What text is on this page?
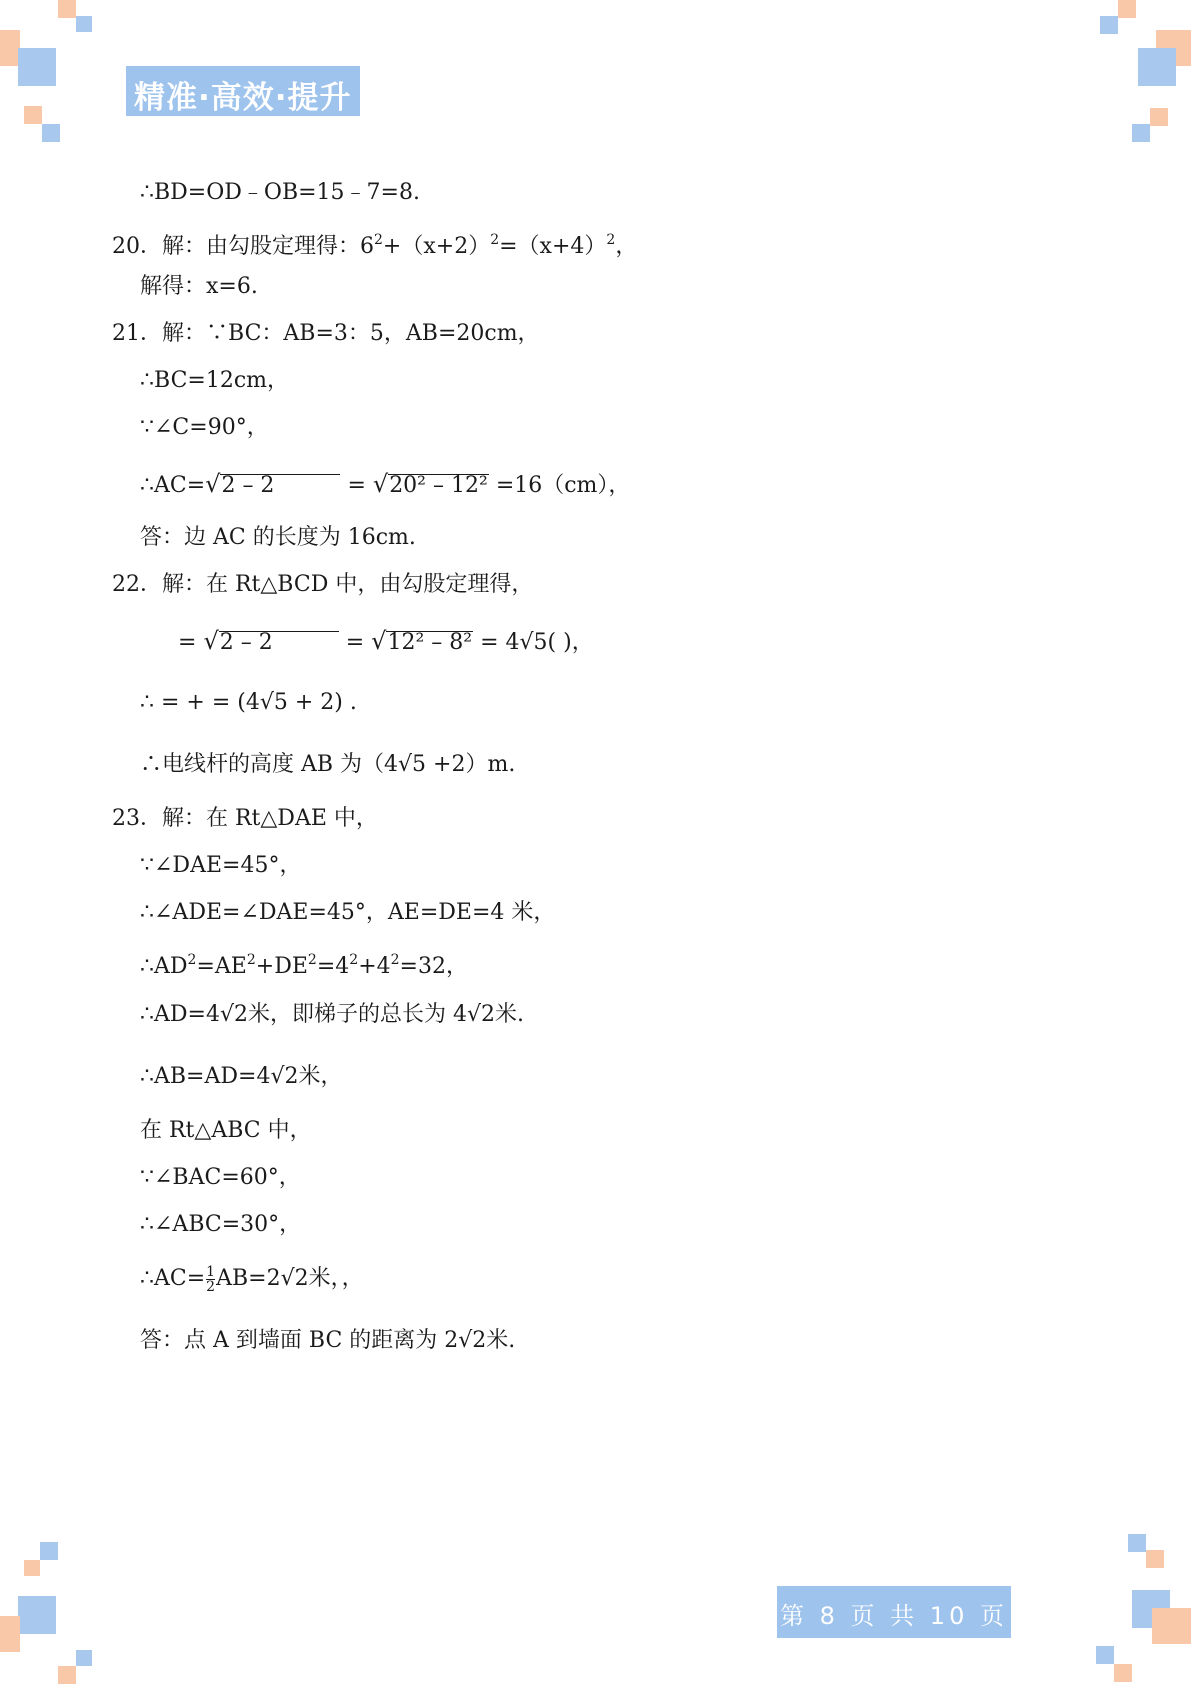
精准·高效·提升
∴BD=OD﹣OB=15﹣7=8.
20．解：由勾股定理得：$6^2+(x+2)^2=(x+4)^2$，
解得：x=6.
21．解：∵BC：AB=3：5，AB=20cm，
∴BC=12cm，
∵∠C=90°，
∴AC=√2 – 2	= √20² – 12² =16（cm），
答：边 AC 的长度为 16cm.
22．解：在 Rt△BCD 中，由勾股定理得，
= √2 – 2	= √12² – 8² = 4√5( )，
∴ = + = (4√5 + 2) .
∴电线杆的高度 AB 为（4√5 +2）m.
23．解：在 Rt△DAE 中，
∵∠DAE=45°，
∴∠ADE=∠DAE=45°，AE=DE=4 米，
$\therefore AD^2=AE^2+DE^2=4^2+4^2=32$，
∴AD=4√2米，即梯子的总长为 4√2米.
∴AB=AD=4√2米，
在 Rt△ABC 中，
∵∠BAC=60°，
∴∠ABC=30°，
∴AC= $\frac{1}{2} AB=2√2$米，，
答：点 A 到墙面 BC 的距离为 2√2米.
第 8 页 共 10 页
